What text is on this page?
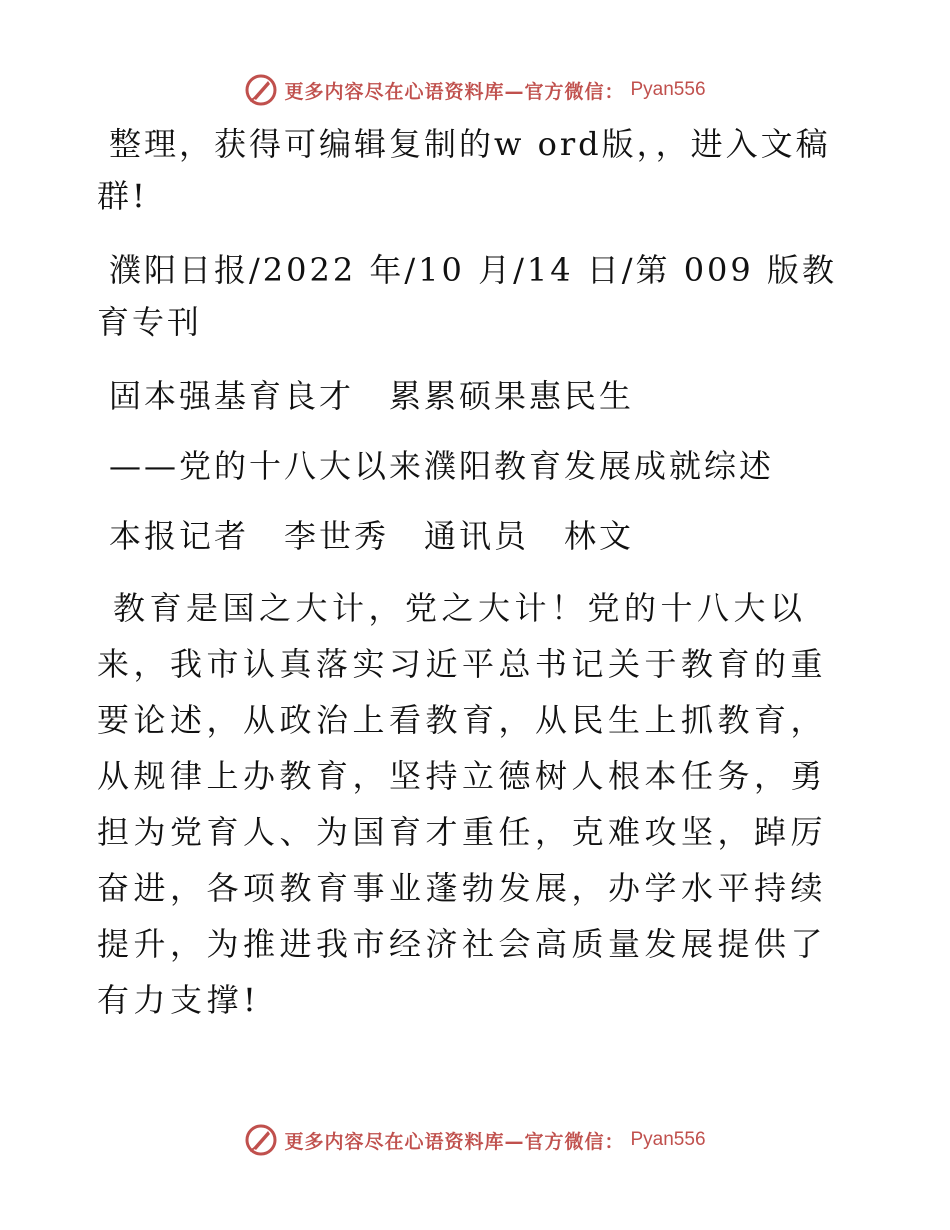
更多内容尽在心语资料库—官方微信： Pyan556

整理，获得可编辑复制的w ord版，，进入文稿群!

濮阳日报/2022 年/10 月/14 日/第 009 版教育专刊

固本强基育良才　累累硕果惠民生

——党的十八大以来濮阳教育发展成就综述

本报记者　李世秀　通讯员　林文

教育是国之大计，党之大计！党的十八大以来，我市认真落实习近平总书记关于教育的重要论述，从政治上看教育，从民生上抓教育，从规律上办教育，坚持立德树人根本任务，勇担为党育人、为国育才重任，克难攻坚，踔厉奋进，各项教育事业蓬勃发展，办学水平持续提升，为推进我市经济社会高质量发展提供了有力支撑!

更多内容尽在心语资料库—官方微信： Pyan556
